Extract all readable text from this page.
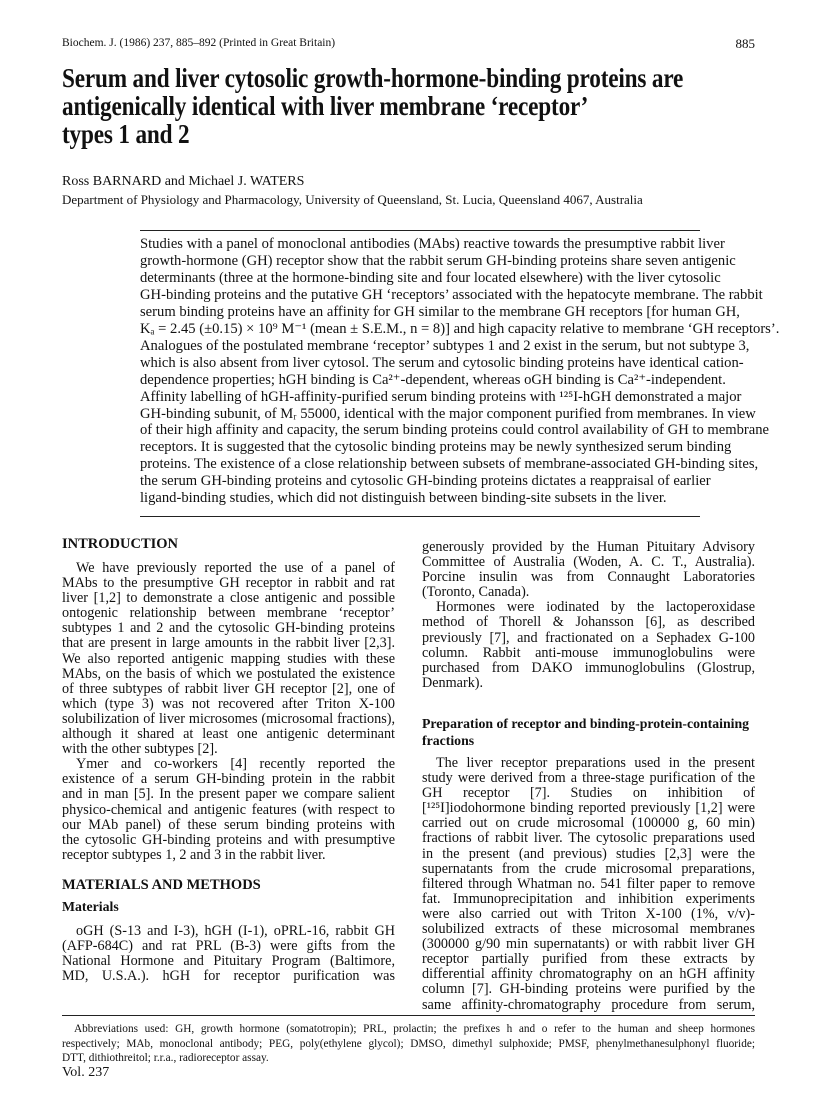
Biochem. J. (1986) 237, 885–892 (Printed in Great Britain)	885
Serum and liver cytosolic growth-hormone-binding proteins are
antigenically identical with liver membrane ‘receptor’
types 1 and 2
Ross BARNARD and Michael J. WATERS
Department of Physiology and Pharmacology, University of Queensland, St. Lucia, Queensland 4067, Australia
Studies with a panel of monoclonal antibodies (MAbs) reactive towards the presumptive rabbit liver
growth-hormone (GH) receptor show that the rabbit serum GH-binding proteins share seven antigenic
determinants (three at the hormone-binding site and four located elsewhere) with the liver cytosolic
GH-binding proteins and the putative GH ‘receptors’ associated with the hepatocyte membrane. The rabbit
serum binding proteins have an affinity for GH similar to the membrane GH receptors [for human GH,
Kₐ = 2.45 (±0.15) × 10⁹ M⁻¹ (mean ± S.E.M., n = 8)] and high capacity relative to membrane ‘GH receptors’.
Analogues of the postulated membrane ‘receptor’ subtypes 1 and 2 exist in the serum, but not subtype 3,
which is also absent from liver cytosol. The serum and cytosolic binding proteins have identical cation-
dependence properties; hGH binding is Ca²⁺-dependent, whereas oGH binding is Ca²⁺-independent.
Affinity labelling of hGH-affinity-purified serum binding proteins with ¹²⁵I-hGH demonstrated a major
GH-binding subunit, of Mᵣ 55000, identical with the major component purified from membranes. In view
of their high affinity and capacity, the serum binding proteins could control availability of GH to membrane
receptors. It is suggested that the cytosolic binding proteins may be newly synthesized serum binding
proteins. The existence of a close relationship between subsets of membrane-associated GH-binding sites,
the serum GH-binding proteins and cytosolic GH-binding proteins dictates a reappraisal of earlier
ligand-binding studies, which did not distinguish between binding-site subsets in the liver.
INTRODUCTION
We have previously reported the use of a panel of
MAbs to the presumptive GH receptor in rabbit and rat
liver [1,2] to demonstrate a close antigenic and possible
ontogenic relationship between membrane ‘receptor’
subtypes 1 and 2 and the cytosolic GH-binding proteins
that are present in large amounts in the rabbit liver [2,3].
We also reported antigenic mapping studies with these
MAbs, on the basis of which we postulated the existence
of three subtypes of rabbit liver GH receptor [2], one of
which (type 3) was not recovered after Triton X-100
solubilization of liver microsomes (microsomal fractions),
although it shared at least one antigenic determinant
with the other subtypes [2].
Ymer and co-workers [4] recently reported the
existence of a serum GH-binding protein in the rabbit
and in man [5]. In the present paper we compare salient
physico-chemical and antigenic features (with respect to
our MAb panel) of these serum binding proteins with
the cytosolic GH-binding proteins and with presumptive
receptor subtypes 1, 2 and 3 in the rabbit liver.
MATERIALS AND METHODS
Materials
oGH (S-13 and I-3), hGH (I-1), oPRL-16, rabbit GH
(AFP-684C) and rat PRL (B-3) were gifts from the
National Hormone and Pituitary Program (Baltimore,
MD, U.S.A.). hGH for receptor purification was
generously provided by the Human Pituitary Advisory
Committee of Australia (Woden, A. C. T., Australia).
Porcine insulin was from Connaught Laboratories
(Toronto, Canada).
Hormones were iodinated by the lactoperoxidase
method of Thorell & Johansson [6], as described
previously [7], and fractionated on a Sephadex G-100
column. Rabbit anti-mouse immunoglobulins were
purchased from DAKO immunoglobulins (Glostrup,
Denmark).
Preparation of receptor and binding-protein-containing
fractions
The liver receptor preparations used in the present
study were derived from a three-stage purification of the
GH receptor [7]. Studies on inhibition of
[¹²⁵I]iodohormone binding reported previously [1,2] were
carried out on crude microsomal (100000 g, 60 min)
fractions of rabbit liver. The cytosolic preparations used
in the present (and previous) studies [2,3] were the
supernatants from the crude microsomal preparations,
filtered through Whatman no. 541 filter paper to remove
fat. Immunoprecipitation and inhibition experiments
were also carried out with Triton X-100 (1%, v/v)-
solubilized extracts of these microsomal membranes
(300000 g/90 min supernatants) or with rabbit liver GH
receptor partially purified from these extracts by
differential affinity chromatography on an hGH affinity
column [7]. GH-binding proteins were purified by the
same affinity-chromatography procedure from serum,
Abbreviations used: GH, growth hormone (somatotropin); PRL, prolactin; the prefixes h and o refer to the human and sheep hormones
respectively; MAb, monoclonal antibody; PEG, poly(ethylene glycol); DMSO, dimethyl sulphoxide; PMSF, phenylmethanesulphonyl fluoride;
DTT, dithiothreitol; r.r.a., radioreceptor assay.
Vol. 237
